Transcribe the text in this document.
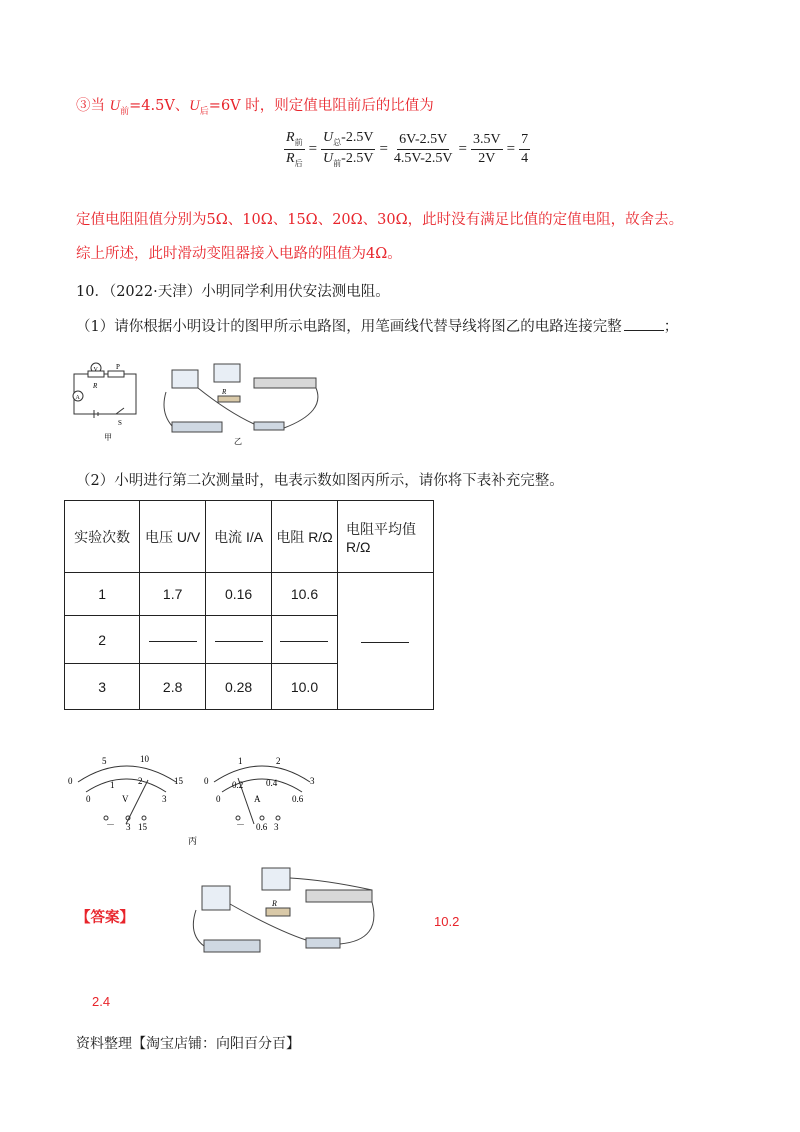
③当 $U_前=4.5V$、$U_后=6V$ 时，则定值电阻前后的比值为
$\frac{R_前}{R_后} = \frac{U_总-2.5V}{U_前-2.5V} = \frac{6V-2.5V}{4.5V-2.5V} = \frac{3.5V}{2V} = \frac{7}{4}$
定值电阻阻值分别为5Ω、10Ω、15Ω、20Ω、30Ω，此时没有满足比值的定值电阻，故舍去。
综上所述，此时滑动变阻器接入电路的阻值为4Ω。
10．（2022·天津）小明同学利用伏安法测电阻。
（1）请你根据小明设计的图甲所示电路图，用笔画线代替导线将图乙的电路连接完整	；
V
A
R
P
S
甲
R
乙
（2）小明进行第二次测量时，电表示数如图丙所示，请你将下表补充完整。
实验次数	电压 U/V	电流 I/A	电阻 R/Ω	电阻平均值 R/Ω
1	1.7	0.16	10.6	
2				
3	2.8	0.28	10.0	
0
5	10
15
0
1	2
3
V
－ 3 15
0
1	2
3
0
0.2	0.4
0.6
A
－ 0.6 3
丙
【答案】
R
10.2
2.4
资料整理【淘宝店铺：向阳百分百】
